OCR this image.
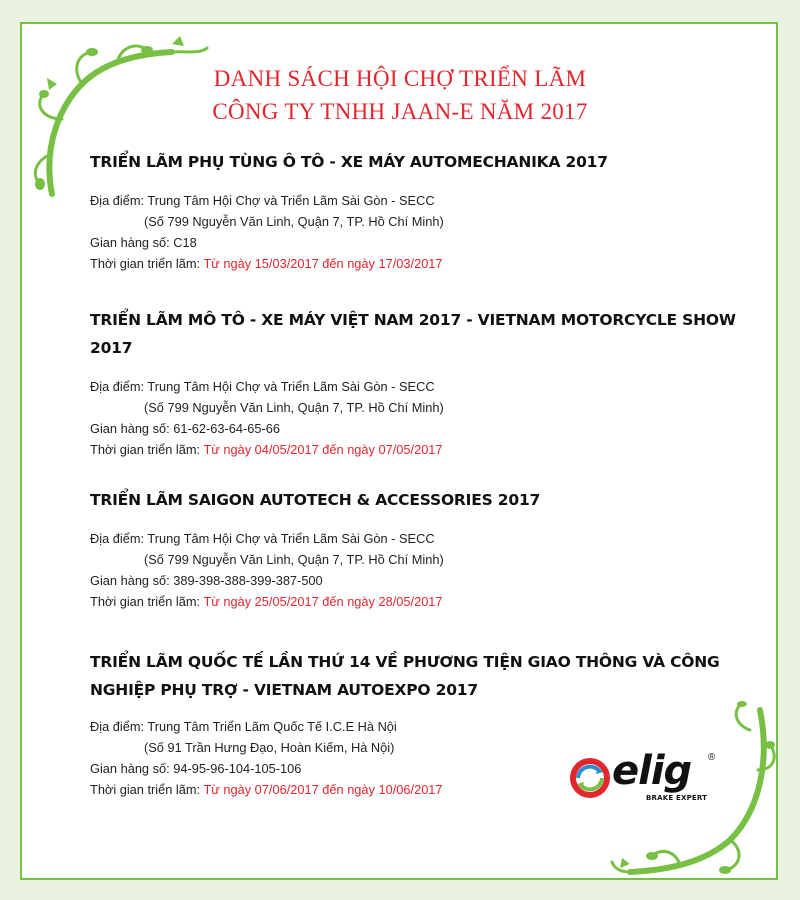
DANH SÁCH HỘI CHỢ TRIỂN LÃM
CÔNG TY TNHH JAAN-E NĂM 2017

TRIỂN LÃM PHỤ TÙNG Ô TÔ - XE MÁY AUTOMECHANIKA 2017

Địa điểm: Trung Tâm Hội Chợ và Triển Lãm Sài Gòn - SECC
(Số 799 Nguyễn Văn Linh, Quận 7, TP. Hồ Chí Minh)
Gian hàng số: C18
Thời gian triển lãm: Từ ngày 15/03/2017 đến ngày 17/03/2017

TRIỂN LÃM MÔ TÔ - XE MÁY VIỆT NAM 2017 - VIETNAM MOTORCYCLE SHOW 2017

Địa điểm: Trung Tâm Hội Chợ và Triển Lãm Sài Gòn - SECC
(Số 799 Nguyễn Văn Linh, Quận 7, TP. Hồ Chí Minh)
Gian hàng số: 61-62-63-64-65-66
Thời gian triển lãm: Từ ngày 04/05/2017 đến ngày 07/05/2017

TRIỂN LÃM SAIGON AUTOTECH & ACCESSORIES 2017

Địa điểm: Trung Tâm Hội Chợ và Triển Lãm Sài Gòn - SECC
(Số 799 Nguyễn Văn Linh, Quận 7, TP. Hồ Chí Minh)
Gian hàng số: 389-398-388-399-387-500
Thời gian triển lãm: Từ ngày 25/05/2017 đến ngày 28/05/2017

TRIỂN LÃM QUỐC TẾ LẦN THỨ 14 VỀ PHƯƠNG TIỆN GIAO THÔNG VÀ CÔNG NGHIỆP PHỤ TRỢ - VIETNAM AUTOEXPO 2017

Địa điểm: Trung Tâm Triển Lãm Quốc Tế I.C.E Hà Nội
(Số 91 Trần Hưng Đạo, Hoàn Kiếm, Hà Nội)
Gian hàng số: 94-95-96-104-105-106
Thời gian triển lãm: Từ ngày 07/06/2017 đến ngày 10/06/2017	elig ®
BRAKE EXPERT
